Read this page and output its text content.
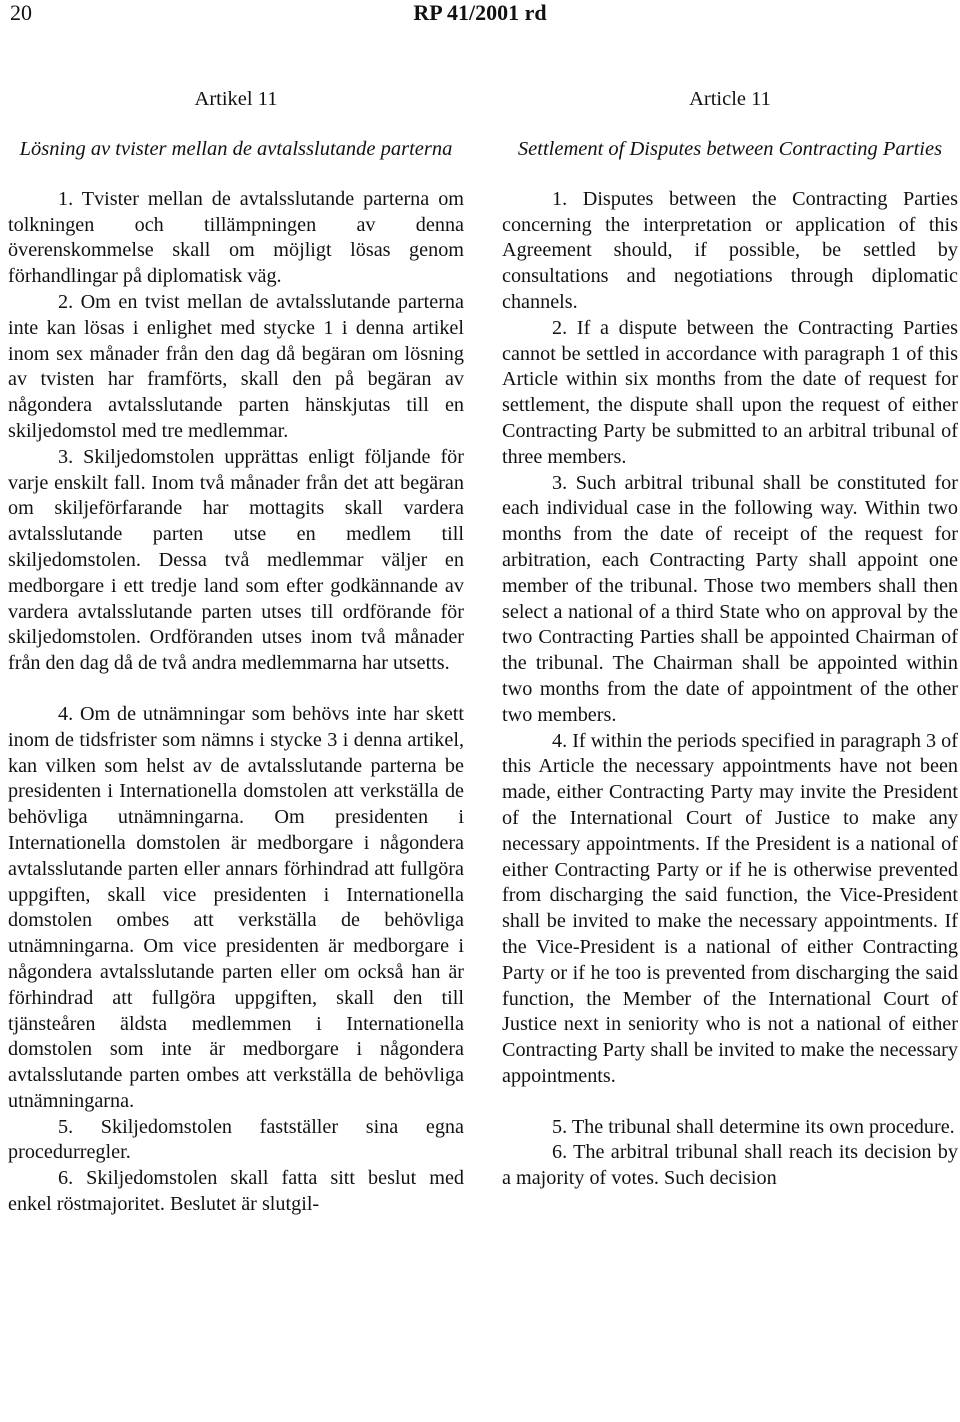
20	RP 41/2001 rd
Artikel 11
Lösning av tvister mellan de avtalsslutande parterna

1. Tvister mellan de avtalsslutande parterna om tolkningen och tillämpningen av denna överenskommelse skall om möjligt lösas genom förhandlingar på diplomatisk väg.

2. Om en tvist mellan de avtalsslutande parterna inte kan lösas i enlighet med stycke 1 i denna artikel inom sex månader från den dag då begäran om lösning av tvisten har framförts, skall den på begäran av någondera avtalsslutande parten hänskjutas till en skiljedomstol med tre medlemmar.

3. Skiljedomstolen upprättas enligt följande för varje enskilt fall. Inom två månader från det att begäran om skiljeförfarande har mottagits skall vardera avtalsslutande parten utse en medlem till skiljedomstolen. Dessa två medlemmar väljer en medborgare i ett tredje land som efter godkännande av vardera avtalsslutande parten utses till ordförande för skiljedomstolen. Ordföranden utses inom två månader från den dag då de två andra medlemmarna har utsetts.

4. Om de utnämningar som behövs inte har skett inom de tidsfrister som nämns i stycke 3 i denna artikel, kan vilken som helst av de avtalsslutande parterna be presidenten i Internationella domstolen att verkställa de behövliga utnämningarna. Om presidenten i Internationella domstolen är medborgare i någondera avtalsslutande parten eller annars förhindrad att fullgöra uppgiften, skall vice presidenten i Internationella domstolen ombes att verkställa de behövliga utnämningarna. Om vice presidenten är medborgare i någondera avtalsslutande parten eller om också han är förhindrad att fullgöra uppgiften, skall den till tjänsteåren äldsta medlemmen i Internationella domstolen som inte är medborgare i någondera avtalsslutande parten ombes att verkställa de behövliga utnämningarna.

5. Skiljedomstolen fastställer sina egna procedurregler.

6. Skiljedomstolen skall fatta sitt beslut med enkel röstmajoritet. Beslutet är slutgil-

Article 11
Settlement of Disputes between Contracting Parties

1. Disputes between the Contracting Parties concerning the interpretation or application of this Agreement should, if possible, be settled by consultations and negotiations through diplomatic channels.

2. If a dispute between the Contracting Parties cannot be settled in accordance with paragraph 1 of this Article within six months from the date of request for settlement, the dispute shall upon the request of either Contracting Party be submitted to an arbitral tribunal of three members.

3. Such arbitral tribunal shall be constituted for each individual case in the following way. Within two months from the date of receipt of the request for arbitration, each Contracting Party shall appoint one member of the tribunal. Those two members shall then select a national of a third State who on approval by the two Contracting Parties shall be appointed Chairman of the tribunal. The Chairman shall be appointed within two months from the date of appointment of the other two members.

4. If within the periods specified in paragraph 3 of this Article the necessary appointments have not been made, either Contracting Party may invite the President of the International Court of Justice to make any necessary appointments. If the President is a national of either Contracting Party or if he is otherwise prevented from discharging the said function, the Vice-President shall be invited to make the necessary appointments. If the Vice-President is a national of either Contracting Party or if he too is prevented from discharging the said function, the Member of the International Court of Justice next in seniority who is not a national of either Contracting Party shall be invited to make the necessary appointments.

5. The tribunal shall determine its own procedure.

6. The arbitral tribunal shall reach its decision by a majority of votes. Such decision
